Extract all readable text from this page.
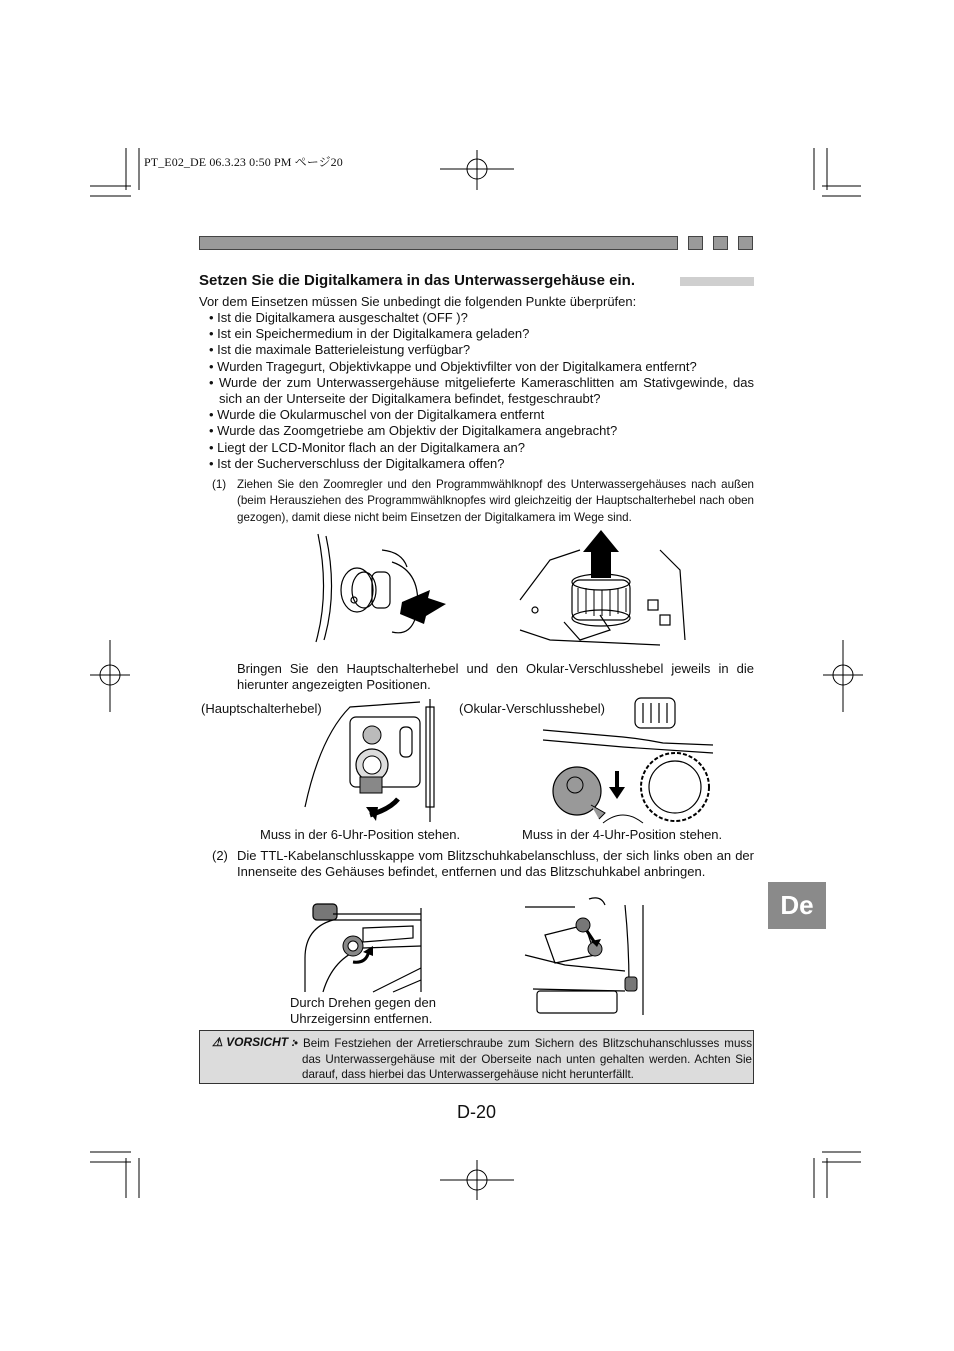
PT_E02_DE 06.3.23 0:50 PM ページ20
Setzen Sie die Digitalkamera in das Unterwassergehäuse ein.
Vor dem Einsetzen müssen Sie unbedingt die folgenden Punkte überprüfen:
• Ist die Digitalkamera ausgeschaltet (OFF )?
• Ist ein Speichermedium in der Digitalkamera geladen?
• Ist die maximale Batterieleistung verfügbar?
• Wurden Tragegurt, Objektivkappe und Objektivfilter von der Digitalkamera entfernt?
• Wurde der zum Unterwassergehäuse mitgelieferte Kameraschlitten am Stativgewinde, das sich an der Unterseite der Digitalkamera befindet, festgeschraubt?
• Wurde die Okularmuschel von der Digitalkamera entfernt
• Wurde das Zoomgetriebe am Objektiv der Digitalkamera angebracht?
• Liegt der LCD-Monitor flach an der Digitalkamera an?
• Ist der Sucherverschluss der Digitalkamera offen?
(1) Ziehen Sie den Zoomregler und den Programmwählknopf des Unterwassergehäuses nach außen (beim Herausziehen des Programmwählknopfes wird gleichzeitig der Hauptschalterhebel nach oben gezogen), damit diese nicht beim Einsetzen der Digitalkamera im Wege sind.
Bringen Sie den Hauptschalterhebel und den Okular-Verschlusshebel jeweils in die hierunter angezeigten Positionen.
(Hauptschalterhebel)	(Okular-Verschlusshebel)
Muss in der 6-Uhr-Position stehen.	Muss in der 4-Uhr-Position stehen.
(2) Die TTL-Kabelanschlusskappe vom Blitzschuhkabelanschluss, der sich links oben an der Innenseite des Gehäuses befindet, entfernen und das Blitzschuhkabel anbringen.
Durch Drehen gegen den Uhrzeigersinn entfernen.
⚠ VORSICHT :
• Beim Festziehen der Arretierschraube zum Sichern des Blitzschuhanschlusses muss das Unterwassergehäuse mit der Oberseite nach unten gehalten werden. Achten Sie darauf, dass hierbei das Unterwassergehäuse nicht herunterfällt.
D-20
De
